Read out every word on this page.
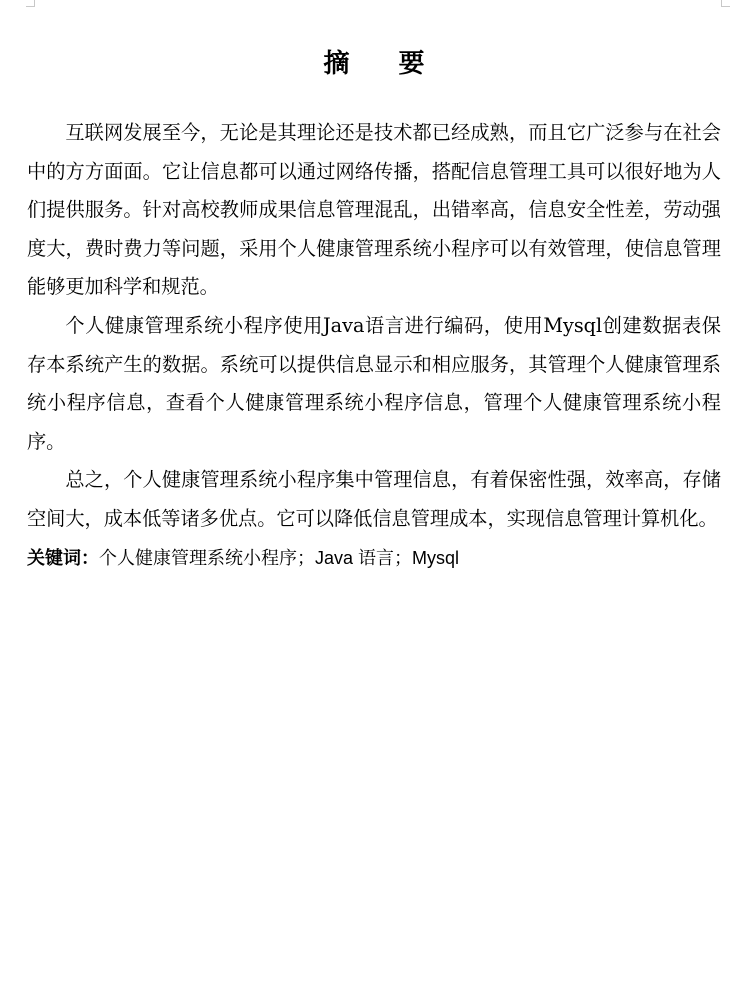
摘 要

互联网发展至今，无论是其理论还是技术都已经成熟，而且它广泛参与在社会中的方方面面。它让信息都可以通过网络传播，搭配信息管理工具可以很好地为人们提供服务。针对高校教师成果信息管理混乱，出错率高，信息安全性差，劳动强度大，费时费力等问题，采用个人健康管理系统小程序可以有效管理，使信息管理能够更加科学和规范。

个人健康管理系统小程序使用Java语言进行编码，使用Mysql创建数据表保存本系统产生的数据。系统可以提供信息显示和相应服务，其管理个人健康管理系统小程序信息，查看个人健康管理系统小程序信息，管理个人健康管理系统小程序。

总之，个人健康管理系统小程序集中管理信息，有着保密性强，效率高，存储空间大，成本低等诸多优点。它可以降低信息管理成本，实现信息管理计算机化。

关键词：个人健康管理系统小程序；Java 语言；Mysql
